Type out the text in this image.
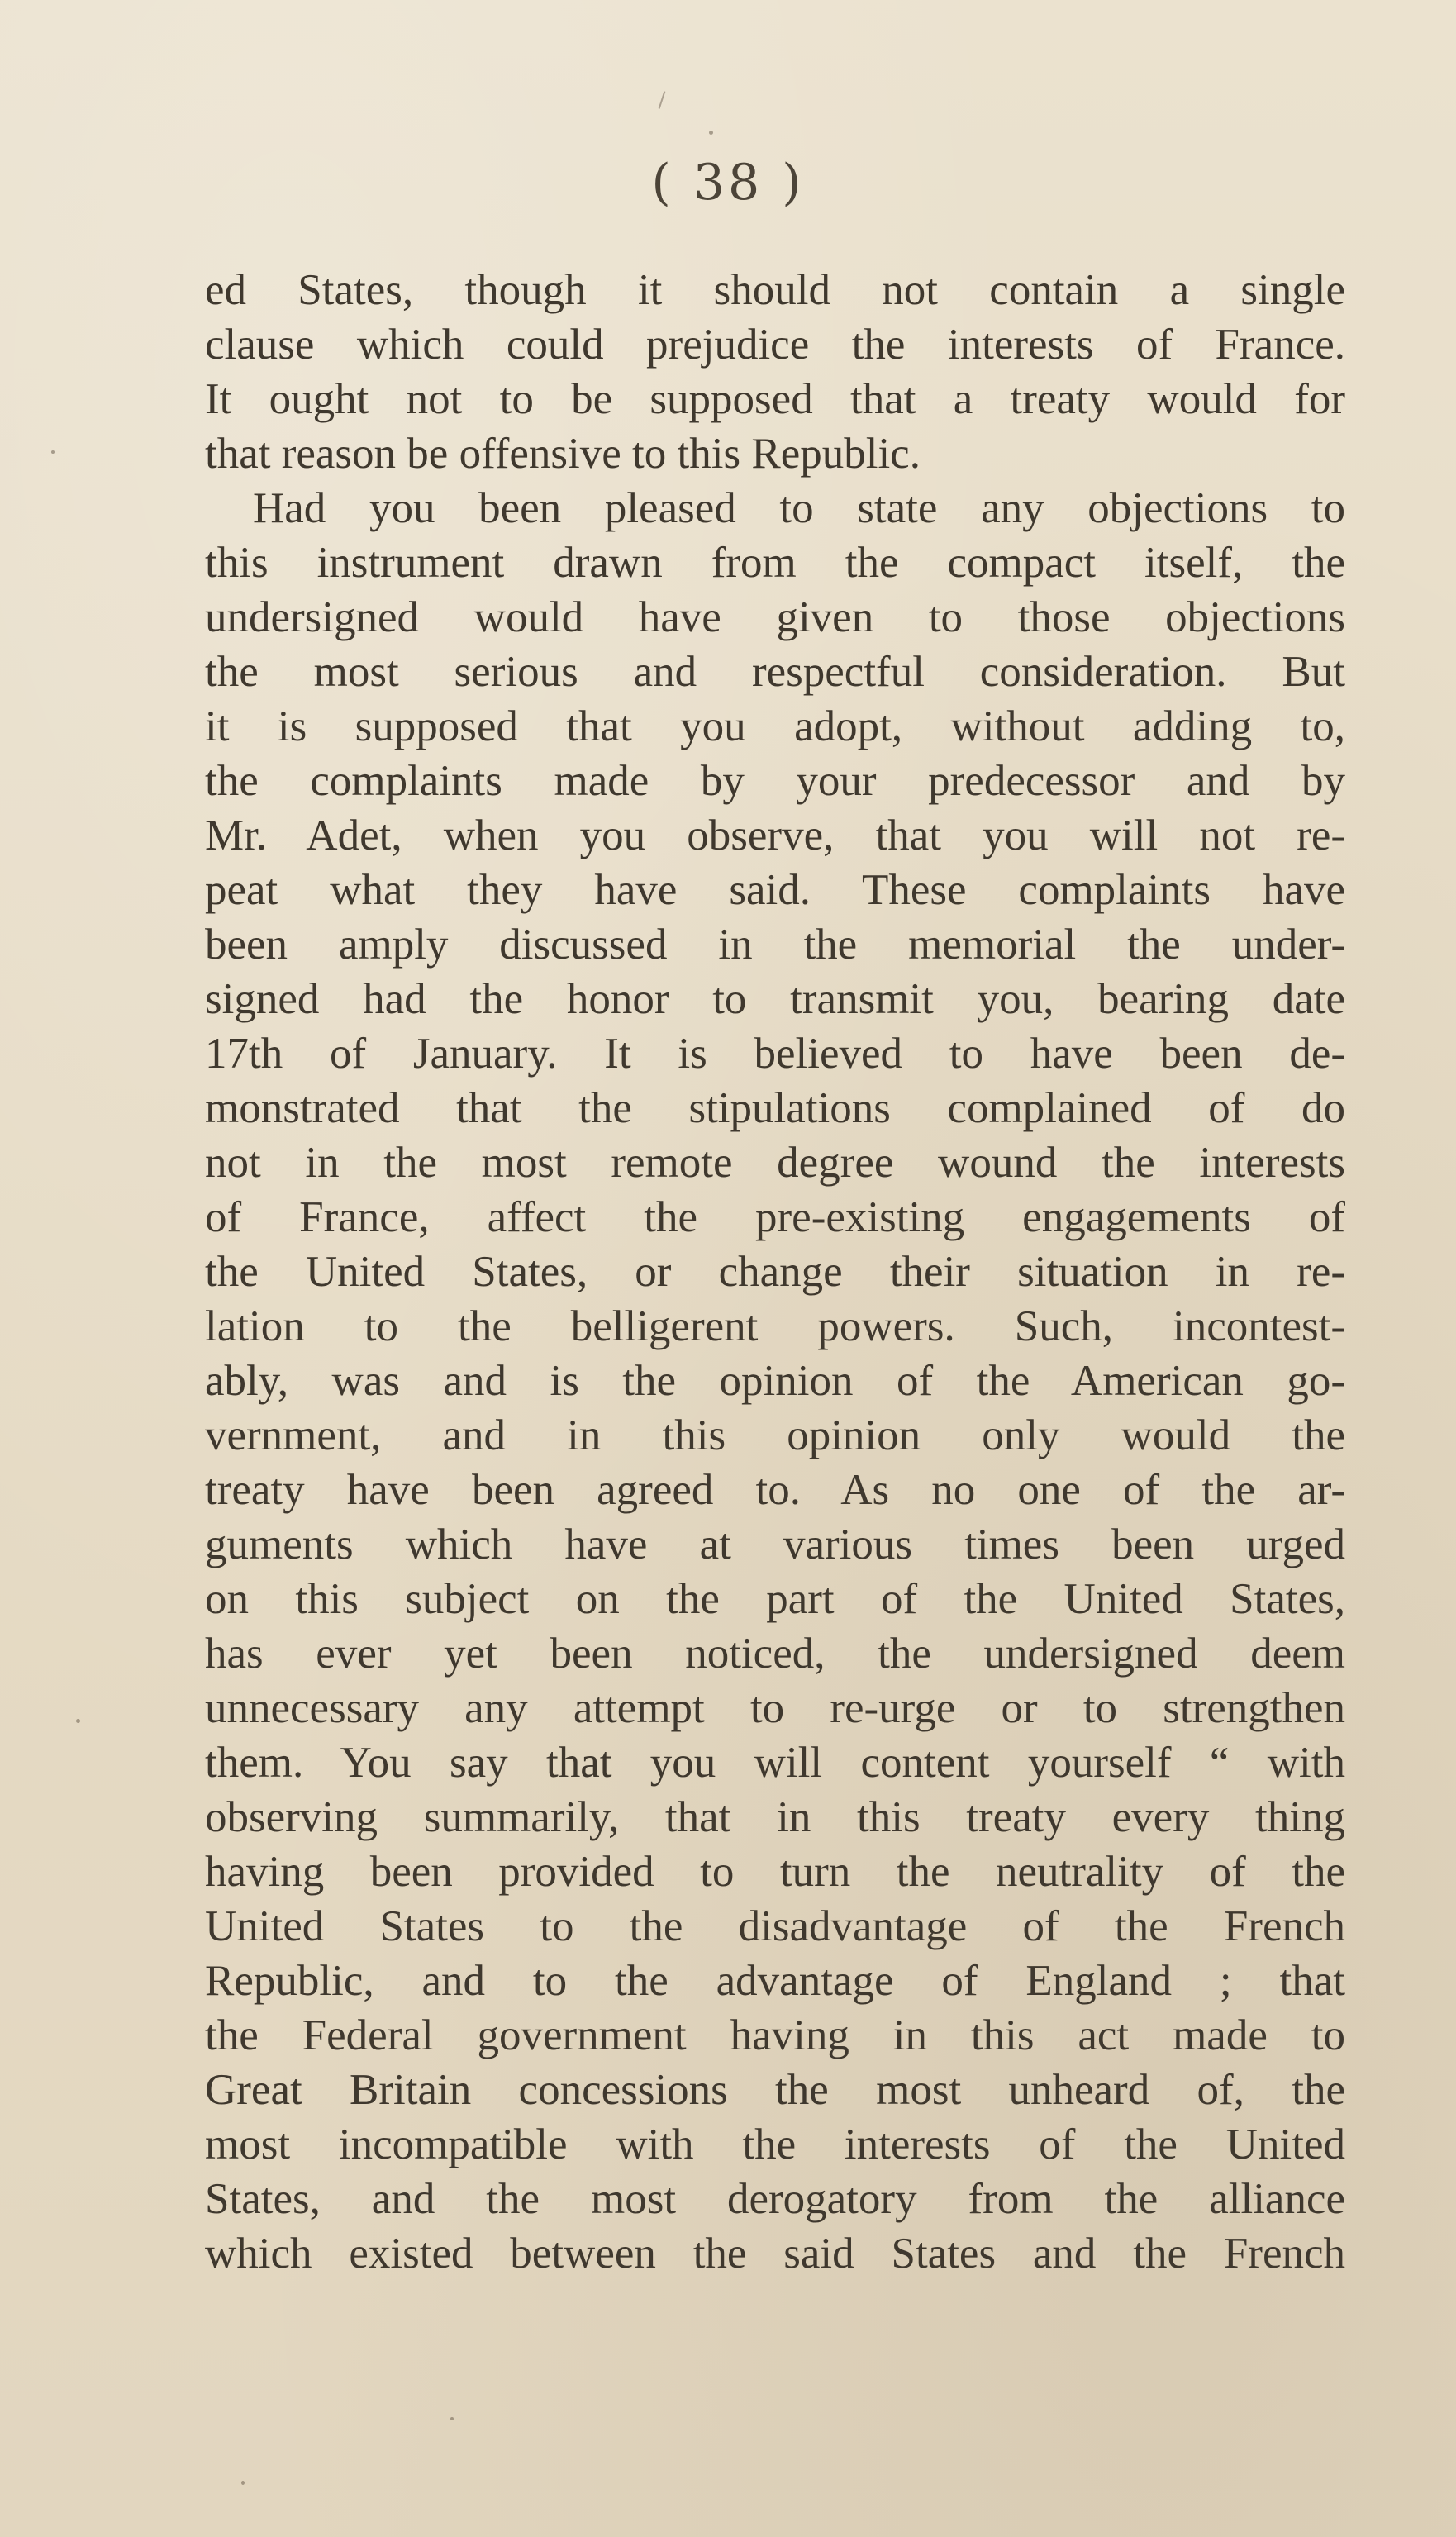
( 38 )
ed States, though it should not contain a single
clause which could prejudice the interests of France.
It ought not to be supposed that a treaty would for
that reason be offensive to this Republic.
Had you been pleased to state any objections to
this instrument drawn from the compact itself, the
undersigned would have given to those objections
the most serious and respectful consideration. But
it is supposed that you adopt, without adding to,
the complaints made by your predecessor and by
Mr. Adet, when you observe, that you will not re-
peat what they have said. These complaints have
been amply discussed in the memorial the under-
signed had the honor to transmit you, bearing date
17th of January. It is believed to have been de-
monstrated that the stipulations complained of do
not in the most remote degree wound the interests
of France, affect the pre-existing engagements of
the United States, or change their situation in re-
lation to the belligerent powers. Such, incontest-
ably, was and is the opinion of the American go-
vernment, and in this opinion only would the
treaty have been agreed to. As no one of the ar-
guments which have at various times been urged
on this subject on the part of the United States,
has ever yet been noticed, the undersigned deem
unnecessary any attempt to re-urge or to strengthen
them. You say that you will content yourself “ with
observing summarily, that in this treaty every thing
having been provided to turn the neutrality of the
United States to the disadvantage of the French
Republic, and to the advantage of England ; that
the Federal government having in this act made to
Great Britain concessions the most unheard of, the
most incompatible with the interests of the United
States, and the most derogatory from the alliance
which existed between the said States and the French
